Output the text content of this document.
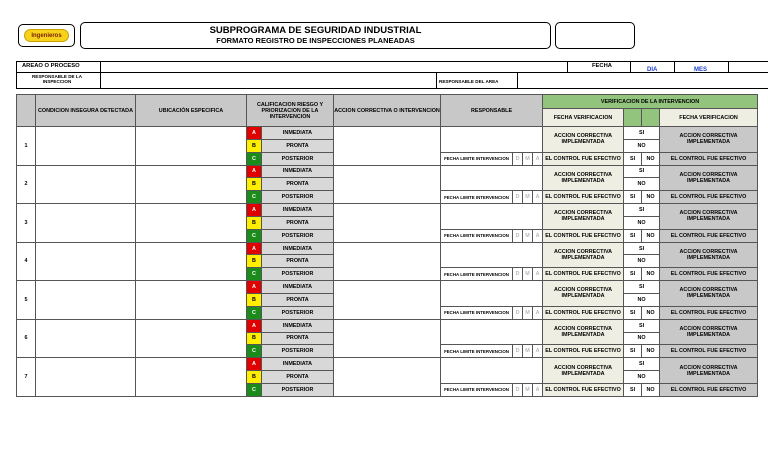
Ingenieros	SUBPROGRAMA DE SEGURIDAD INDUSTRIAL
FORMATO REGISTRO DE INSPECCIONES PLANEADAS
AREAO O PROCESO	FECHA
DIA	MES
RESPONSABLE DE LA INSPECCION	RESPONSABLE DEL AREA
	CONDICION INSEGURA DETECTADA	UBICACIÓN ESPECIFICA	CALIFICACION RIESGO Y PRIORIZACION DE LA INTERVENCION		ACCION CORRECTIVA O INTERVENCION	RESPONSABLE				VERIFICACION DE LA INTERVENCION			
										FECHA VERIFICACION			FECHA VERIFICACION
1			A	INMEDIATA						ACCION CORRECTIVA IMPLEMENTADA	SI		ACCION CORRECTIVA IMPLEMENTADA
			B	PRONTA							NO		
			C	POSTERIOR		FECHA LIMITE INTERVENCION	D	M	A	EL CONTROL FUE EFECTIVO	SI	NO	EL CONTROL FUE EFECTIVO
2			A	INMEDIATA						ACCION CORRECTIVA IMPLEMENTADA	SI		ACCION CORRECTIVA IMPLEMENTADA
			B	PRONTA							NO		
			C	POSTERIOR		FECHA LIMITE INTERVENCION	D	M	A	EL CONTROL FUE EFECTIVO	SI	NO	EL CONTROL FUE EFECTIVO
3			A	INMEDIATA						ACCION CORRECTIVA IMPLEMENTADA	SI		ACCION CORRECTIVA IMPLEMENTADA
			B	PRONTA							NO		
			C	POSTERIOR		FECHA LIMITE INTERVENCION	D	M	A	EL CONTROL FUE EFECTIVO	SI	NO	EL CONTROL FUE EFECTIVO
4			A	INMEDIATA						ACCION CORRECTIVA IMPLEMENTADA	SI		ACCION CORRECTIVA IMPLEMENTADA
			B	PRONTA							NO		
			C	POSTERIOR		FECHA LIMITE INTERVENCION	D	M	A	EL CONTROL FUE EFECTIVO	SI	NO	EL CONTROL FUE EFECTIVO
5			A	INMEDIATA						ACCION CORRECTIVA IMPLEMENTADA	SI		ACCION CORRECTIVA IMPLEMENTADA
			B	PRONTA							NO		
			C	POSTERIOR		FECHA LIMITE INTERVENCION	D	M	A	EL CONTROL FUE EFECTIVO	SI	NO	EL CONTROL FUE EFECTIVO
6			A	INMEDIATA						ACCION CORRECTIVA IMPLEMENTADA	SI		ACCION CORRECTIVA IMPLEMENTADA
			B	PRONTA							NO		
			C	POSTERIOR		FECHA LIMITE INTERVENCION	D	M	A	EL CONTROL FUE EFECTIVO	SI	NO	EL CONTROL FUE EFECTIVO
7			A	INMEDIATA						ACCION CORRECTIVA IMPLEMENTADA	SI		ACCION CORRECTIVA IMPLEMENTADA
			B	PRONTA							NO		
			C	POSTERIOR		FECHA LIMITE INTERVENCION	D	M	A	EL CONTROL FUE EFECTIVO	SI	NO	EL CONTROL FUE EFECTIVO
